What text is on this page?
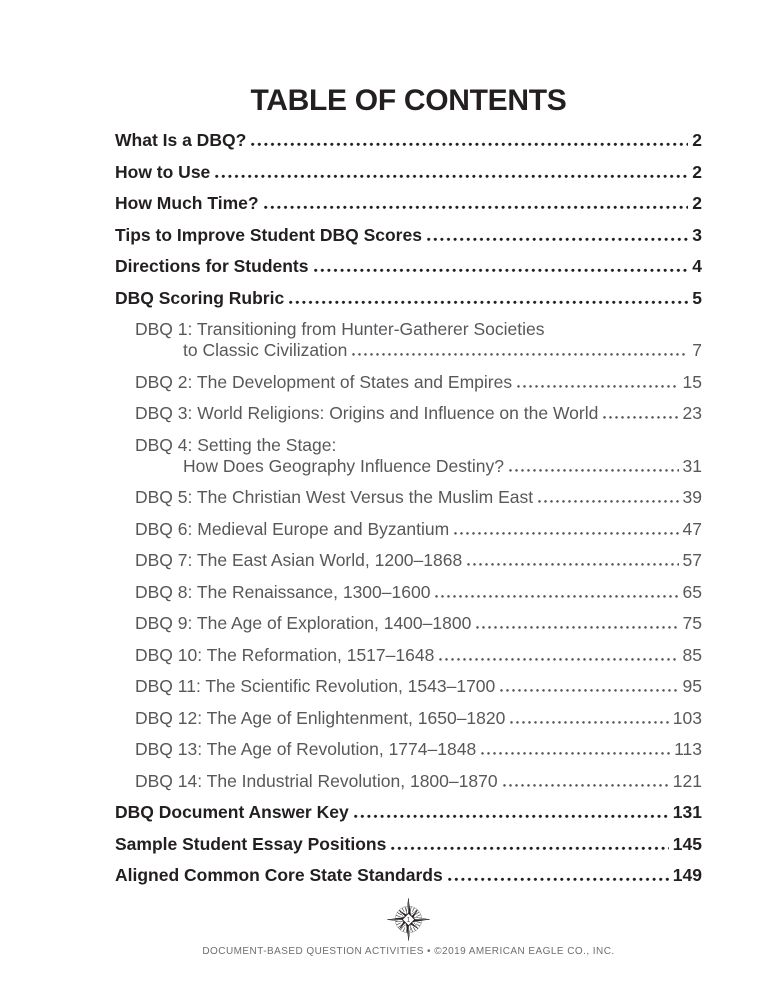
TABLE OF CONTENTS
What Is a DBQ?	2
How to Use	2
How Much Time?	2
Tips to Improve Student DBQ Scores	3
Directions for Students	4
DBQ Scoring Rubric	5
DBQ 1: Transitioning from Hunter-Gatherer Societies
to Classic Civilization	7
DBQ 2: The Development of States and Empires	15
DBQ 3: World Religions: Origins and Influence on the World	23
DBQ 4: Setting the Stage:
How Does Geography Influence Destiny?	31
DBQ 5: The Christian West Versus the Muslim East	39
DBQ 6: Medieval Europe and Byzantium	47
DBQ 7: The East Asian World, 1200–1868	57
DBQ 8: The Renaissance, 1300–1600	65
DBQ 9: The Age of Exploration, 1400–1800	75
DBQ 10: The Reformation, 1517–1648	85
DBQ 11: The Scientific Revolution, 1543–1700	95
DBQ 12: The Age of Enlightenment, 1650–1820	103
DBQ 13: The Age of Revolution, 1774–1848	113
DBQ 14: The Industrial Revolution, 1800–1870	121
DBQ Document Answer Key	131
Sample Student Essay Positions	145
Aligned Common Core State Standards	149
1
DOCUMENT-BASED QUESTION ACTIVITIES • ©2019 AMERICAN EAGLE CO., INC.
